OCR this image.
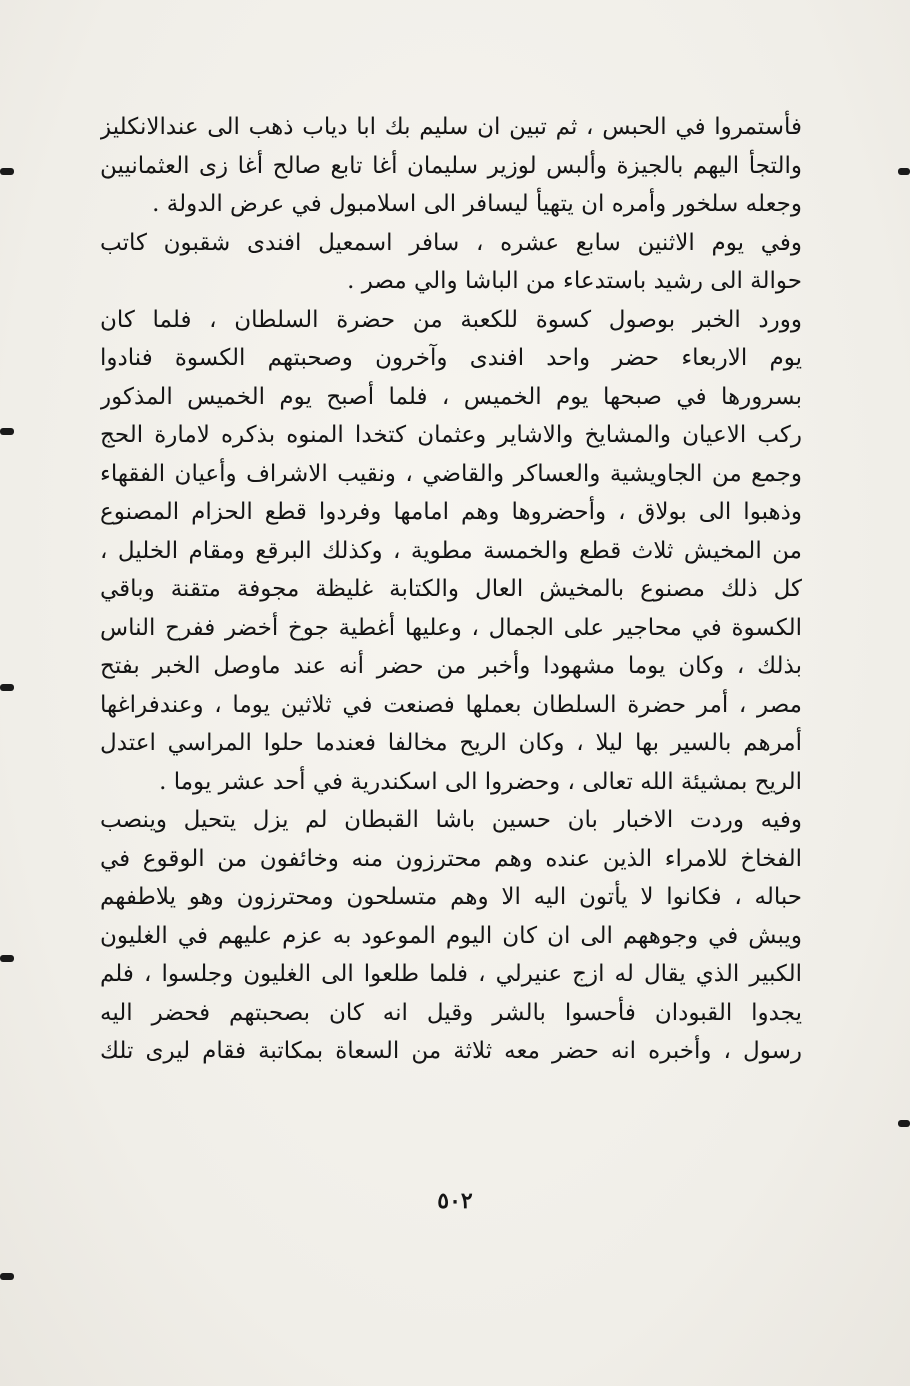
فأستمروا في الحبس ، ثم تبين ان سليم بك ابا دياب ذهب الى عندالانكليز
والتجأ اليهم بالجيزة وألبس لوزير سليمان أغا تابع صالح أغا زى العثمانيين
وجعله سلخور وأمره ان يتهيأ ليسافر الى اسلامبول في عرض الدولة .
وفي يوم الاثنين سابع عشره ، سافر اسمعيل افندى شقبون كاتب
حوالة الى رشيد باستدعاء من الباشا والي مصر .
وورد الخبر بوصول كسوة للكعبة من حضرة السلطان ، فلما كان
يوم الاربعاء حضر واحد افندى وآخرون وصحبتهم الكسوة فنادوا
بسرورها في صبحها يوم الخميس ، فلما أصبح يوم الخميس المذكور
ركب الاعيان والمشايخ والاشاير وعثمان كتخدا المنوه بذكره لامارة الحج
وجمع من الجاويشية والعساكر والقاضي ، ونقيب الاشراف وأعيان الفقهاء
وذهبوا الى بولاق ، وأحضروها وهم امامها وفردوا قطع الحزام المصنوع
من المخيش ثلاث قطع والخمسة مطوية ، وكذلك البرقع ومقام الخليل ،
كل ذلك مصنوع بالمخيش العال والكتابة غليظة مجوفة متقنة وباقي
الكسوة في محاجير على الجمال ، وعليها أغطية جوخ أخضر ففرح الناس
بذلك ، وكان يوما مشهودا وأخبر من حضر أنه عند ماوصل الخبر بفتح
مصر ، أمر حضرة السلطان بعملها فصنعت في ثلاثين يوما ، وعندفراغها
أمرهم بالسير بها ليلا ، وكان الريح مخالفا فعندما حلوا المراسي اعتدل
الريح بمشيئة الله تعالى ، وحضروا الى اسكندرية في أحد عشر يوما .
وفيه وردت الاخبار بان حسين باشا القبطان لم يزل يتحيل وينصب
الفخاخ للامراء الذين عنده وهم محترزون منه وخائفون من الوقوع في
حباله ، فكانوا لا يأتون اليه الا وهم متسلحون ومحترزون وهو يلاطفهم
ويبش في وجوههم الى ان كان اليوم الموعود به عزم عليهم في الغليون
الكبير الذي يقال له ازج عنيرلي ، فلما طلعوا الى الغليون وجلسوا ، فلم
يجدوا القبودان فأحسوا بالشر وقيل انه كان بصحبتهم فحضر اليه
رسول ، وأخبره انه حضر معه ثلاثة من السعاة بمكاتبة فقام ليرى تلك
٥٠٢
